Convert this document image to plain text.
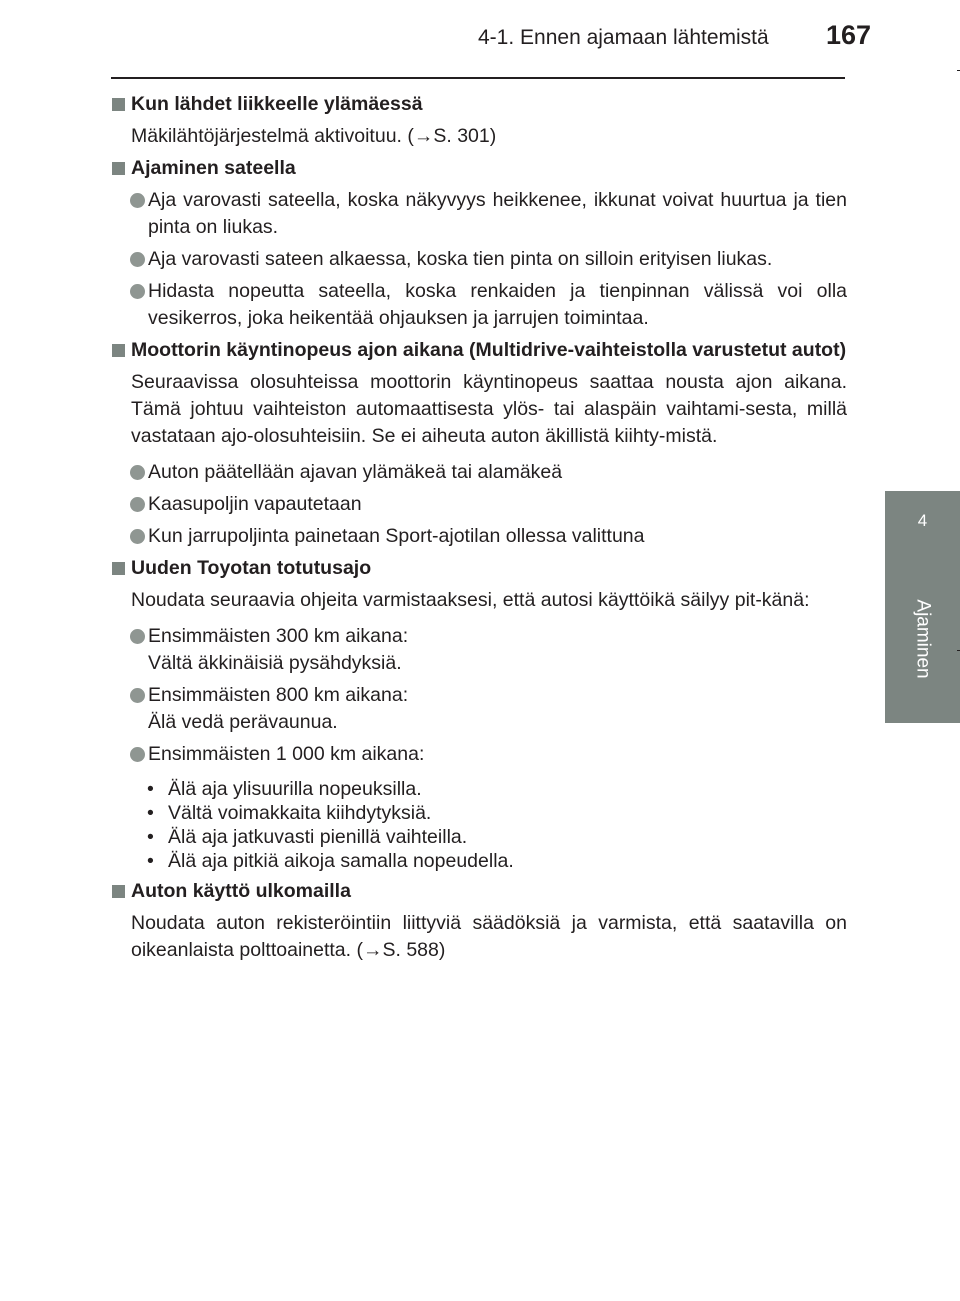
4-1. Ennen ajamaan lähtemistä 167
4
Ajaminen
Kun lähdet liikkeelle ylämäessä
Mäkilähtöjärjestelmä aktivoituu. (→S. 301)
Ajaminen sateella
Aja varovasti sateella, koska näkyvyys heikkenee, ikkunat voivat huurtua ja tien pinta on liukas.
Aja varovasti sateen alkaessa, koska tien pinta on silloin erityisen liukas.
Hidasta nopeutta sateella, koska renkaiden ja tienpinnan välissä voi olla vesikerros, joka heikentää ohjauksen ja jarrujen toimintaa.
Moottorin käyntinopeus ajon aikana (Multidrive-vaihteistolla varustetut autot)
Seuraavissa olosuhteissa moottorin käyntinopeus saattaa nousta ajon aikana. Tämä johtuu vaihteiston automaattisesta ylös- tai alaspäin vaihtami-sesta, millä vastataan ajo-olosuhteisiin. Se ei aiheuta auton äkillistä kiihty-mistä.
Auton päätellään ajavan ylämäkeä tai alamäkeä
Kaasupoljin vapautetaan
Kun jarrupoljinta painetaan Sport-ajotilan ollessa valittuna
Uuden Toyotan totutusajo
Noudata seuraavia ohjeita varmistaaksesi, että autosi käyttöikä säilyy pit-känä:
Ensimmäisten 300 km aikana:
Vältä äkkinäisiä pysähdyksiä.
Ensimmäisten 800 km aikana:
Älä vedä perävaunua.
Ensimmäisten 1 000 km aikana:
• Älä aja ylisuurilla nopeuksilla.
• Vältä voimakkaita kiihdytyksiä.
• Älä aja jatkuvasti pienillä vaihteilla.
• Älä aja pitkiä aikoja samalla nopeudella.
Auton käyttö ulkomailla
Noudata auton rekisteröintiin liittyviä säädöksiä ja varmista, että saatavilla on oikeanlaista polttoainetta. (→S. 588)
